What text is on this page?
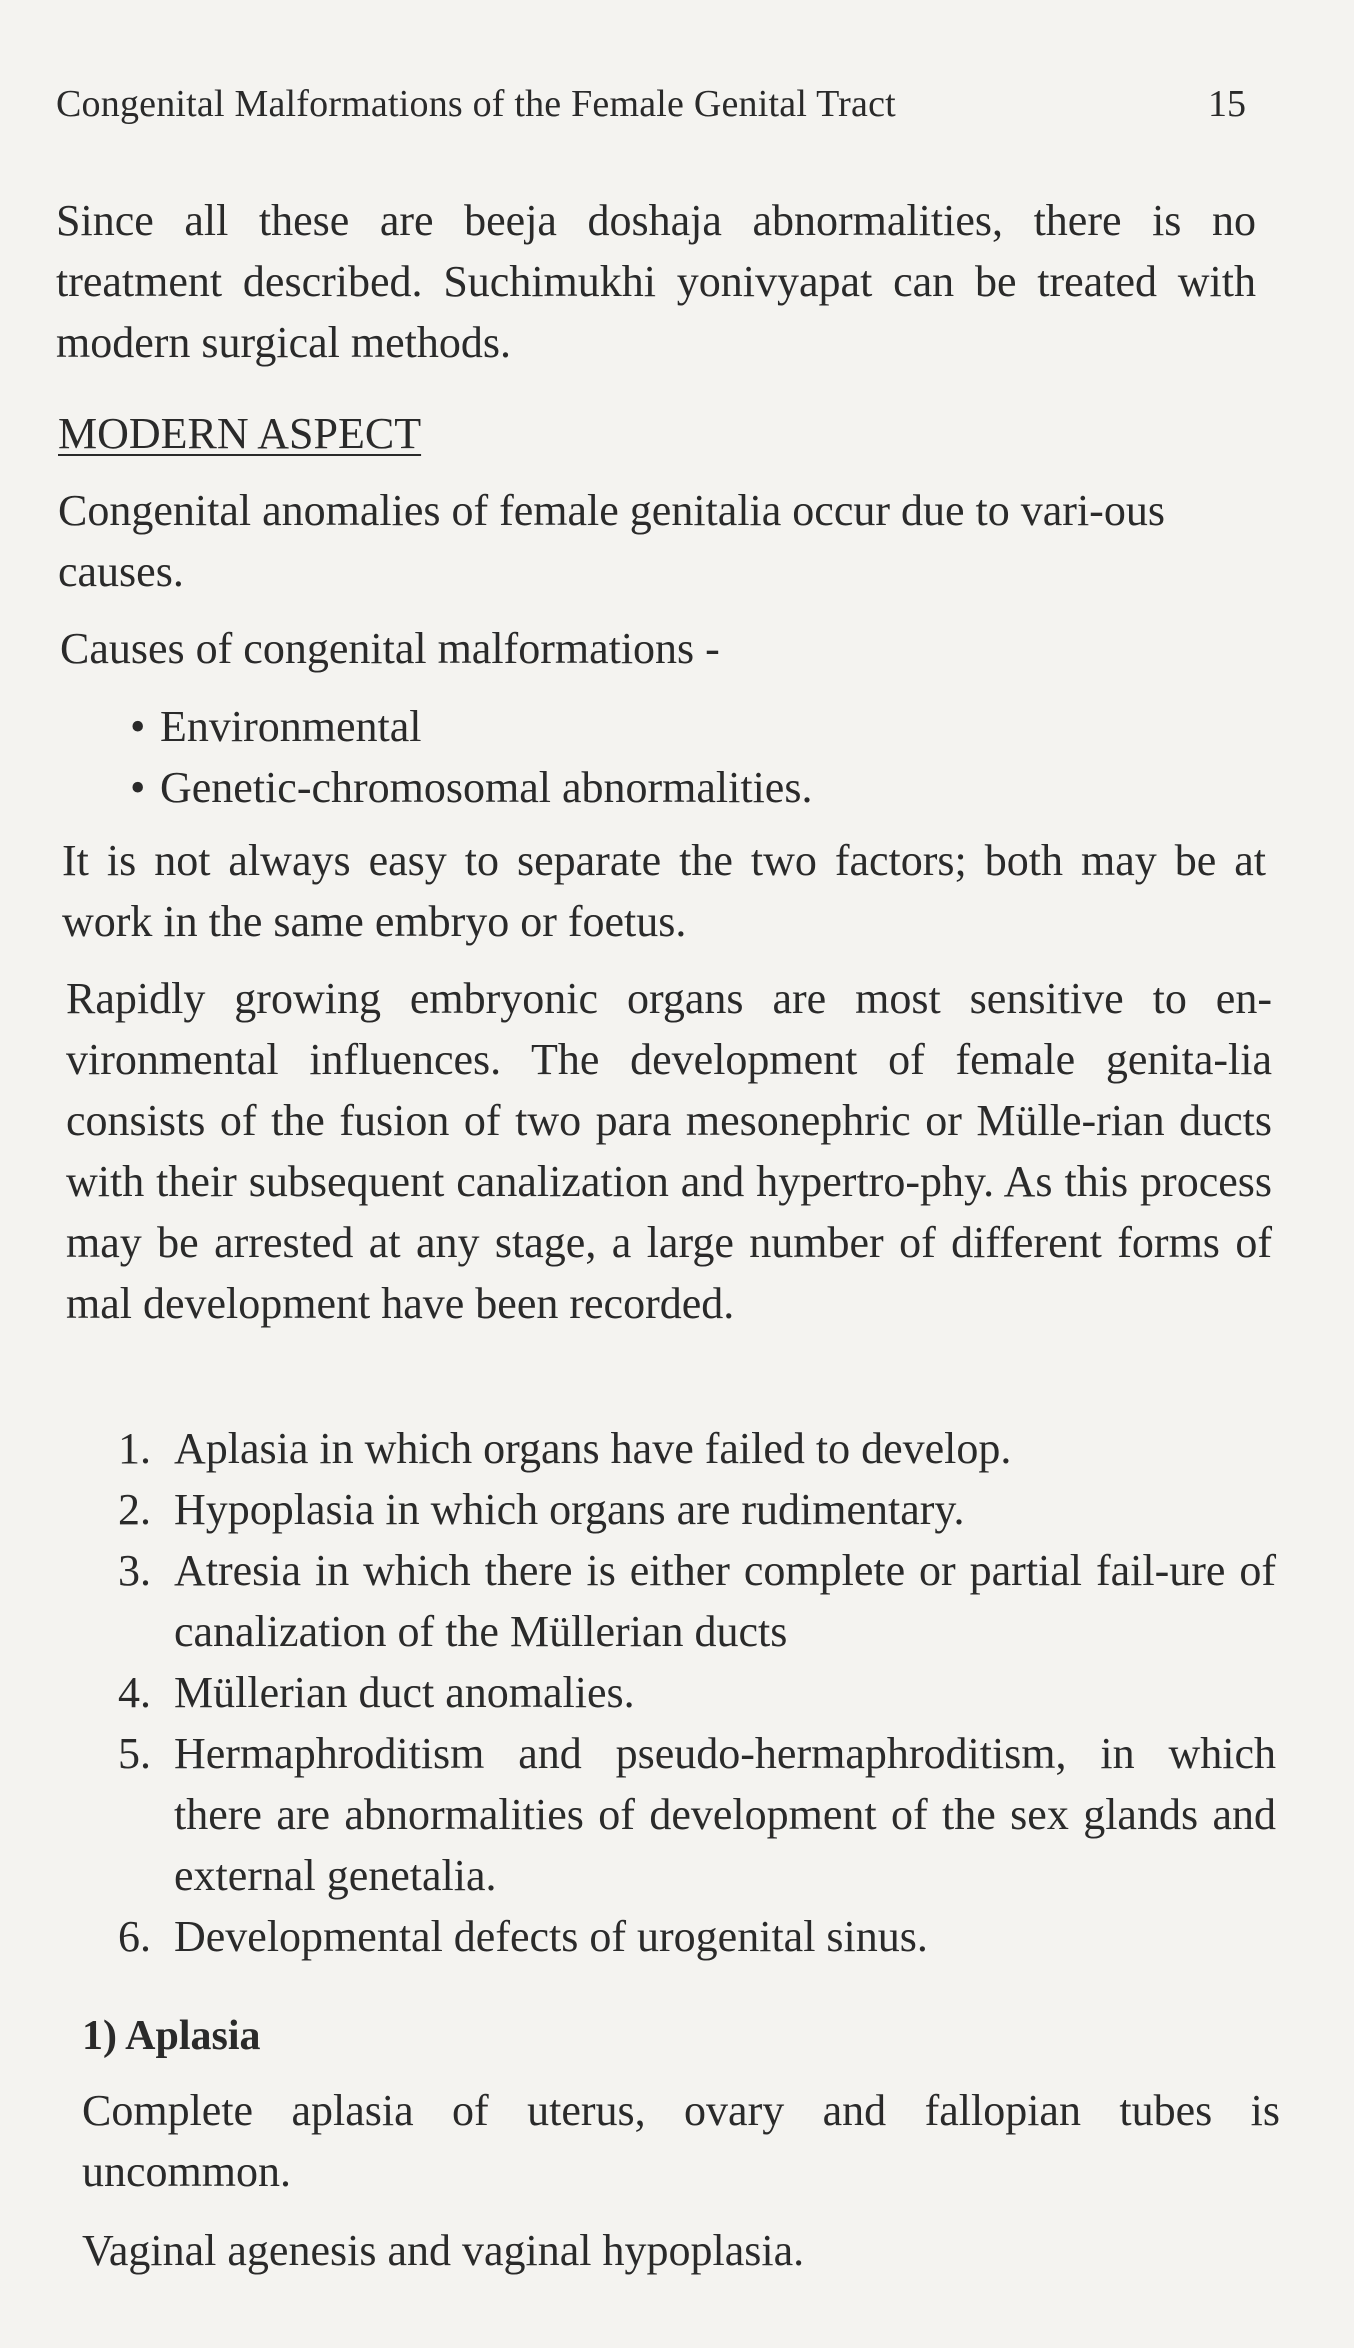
Congenital Malformations of the Female Genital Tract	15

Since all these are beeja doshaja abnormalities, there is no treatment described. Suchimukhi yonivyapat can be treated with modern surgical methods.

MODERN ASPECT

Congenital anomalies of female genitalia occur due to vari-ous causes.

Causes of congenital malformations -

• Environmental
• Genetic-chromosomal abnormalities.

It is not always easy to separate the two factors; both may be at work in the same embryo or foetus.

Rapidly growing embryonic organs are most sensitive to en-vironmental influences. The development of female genita-lia consists of the fusion of two para mesonephric or Mülle-rian ducts with their subsequent canalization and hypertro-phy. As this process may be arrested at any stage, a large number of different forms of mal development have been recorded.

1. Aplasia in which organs have failed to develop.
2. Hypoplasia in which organs are rudimentary.
3. Atresia in which there is either complete or partial fail-ure of canalization of the Müllerian ducts
4. Müllerian duct anomalies.
5. Hermaphroditism and pseudo-hermaphroditism, in which there are abnormalities of development of the sex glands and external genetalia.
6. Developmental defects of urogenital sinus.
1) Aplasia

Complete aplasia of uterus, ovary and fallopian tubes is uncommon.

Vaginal agenesis and vaginal hypoplasia.
